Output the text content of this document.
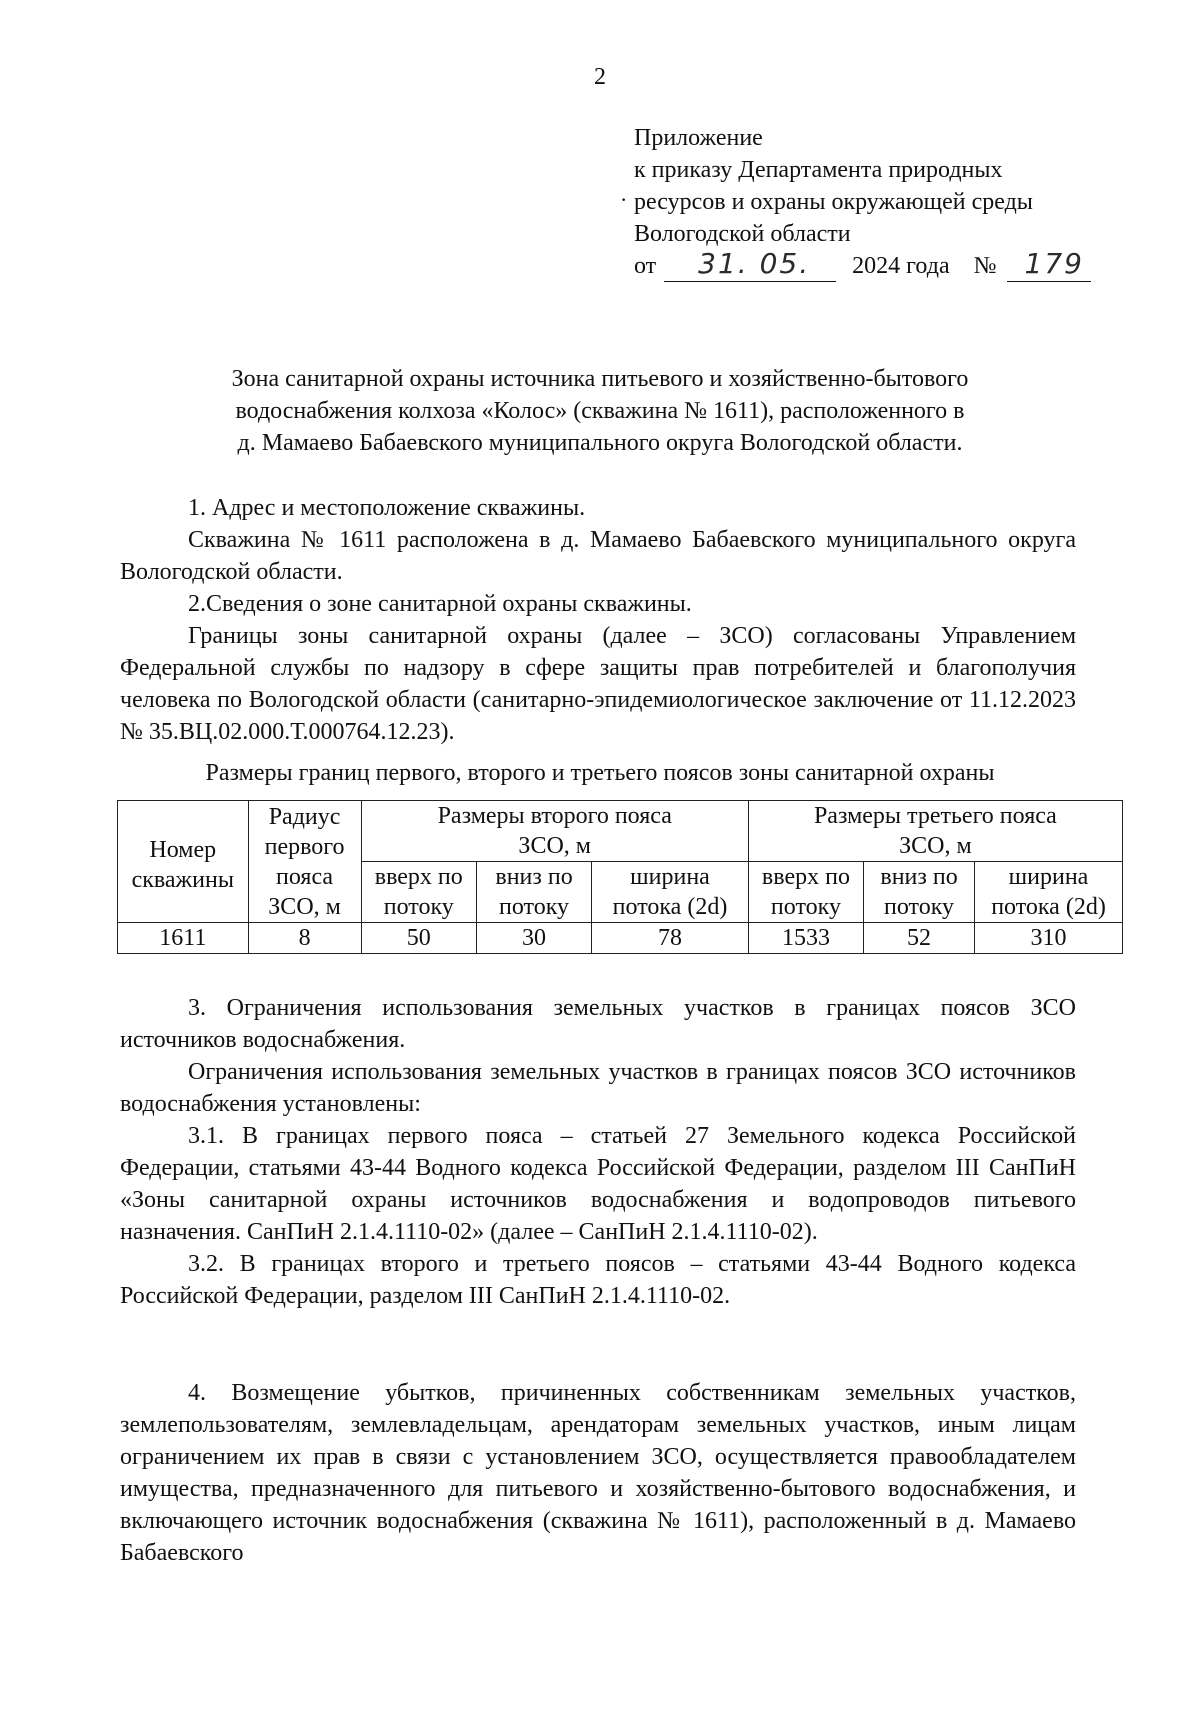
2
·
Приложение
к приказу Департамента природных
ресурсов и охраны окружающей среды
Вологодской области
от 31. 05. 2024 года № 179
Зона санитарной охраны источника питьевого и хозяйственно-бытового
водоснабжения колхоза «Колос» (скважина № 1611), расположенного в
д. Мамаево Бабаевского муниципального округа Вологодской области.

1. Адрес и местоположение скважины.

Скважина № 1611 расположена в д. Мамаево Бабаевского муниципального округа Вологодской области.

2.Сведения о зоне санитарной охраны скважины.

Границы зоны санитарной охраны (далее – ЗСО) согласованы Управлением Федеральной службы по надзору в сфере защиты прав потребителей и благополучия человека по Вологодской области (санитарно-эпидемиологическое заключение от 11.12.2023 № 35.ВЦ.02.000.Т.000764.12.23).

Размеры границ первого, второго и третьего поясов зоны санитарной охраны
Номер скважины	Радиус первого пояса ЗСО, м	Размеры второго пояса ЗСО, м			Размеры третьего пояса ЗСО, м		
		вверх по потоку	вниз по потоку	ширина потока (2d)	вверх по потоку	вниз по потоку	ширина потока (2d)
1611	8	50	30	78	1533	52	310

3. Ограничения использования земельных участков в границах поясов ЗСО источников водоснабжения.

Ограничения использования земельных участков в границах поясов ЗСО источников водоснабжения установлены:

3.1. В границах первого пояса – статьей 27 Земельного кодекса Российской Федерации, статьями 43-44 Водного кодекса Российской Федерации, разделом III СанПиН «Зоны санитарной охраны источников водоснабжения и водопроводов питьевого назначения. СанПиН 2.1.4.1110-02» (далее – СанПиН 2.1.4.1110-02).

3.2. В границах второго и третьего поясов – статьями 43-44 Водного кодекса Российской Федерации, разделом III СанПиН 2.1.4.1110-02.

4. Возмещение убытков, причиненных собственникам земельных участков, землепользователям, землевладельцам, арендаторам земельных участков, иным лицам ограничением их прав в связи с установлением ЗСО, осуществляется правообладателем имущества, предназначенного для питьевого и хозяйственно-бытового водоснабжения, и включающего источник водоснабжения (скважина № 1611), расположенный в д. Мамаево Бабаевского
